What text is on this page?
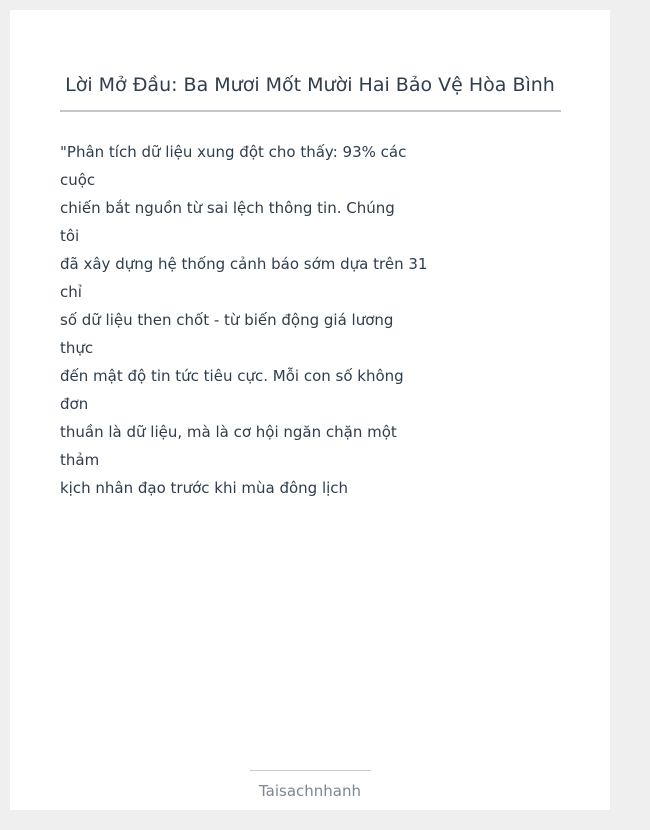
Lời Mở Đầu: Ba Mươi Mốt Mười Hai Bảo Vệ Hòa Bình
"Phân tích dữ liệu xung đột cho thấy: 93% các
cuộc
chiến bắt nguồn từ sai lệch thông tin. Chúng
tôi
đã xây dựng hệ thống cảnh báo sớm dựa trên 31
chỉ
số dữ liệu then chốt - từ biến động giá lương
thực
đến mật độ tin tức tiêu cực. Mỗi con số không
đơn
thuần là dữ liệu, mà là cơ hội ngăn chặn một
thảm
kịch nhân đạo trước khi mùa đông lịch
Taisachnhanh
